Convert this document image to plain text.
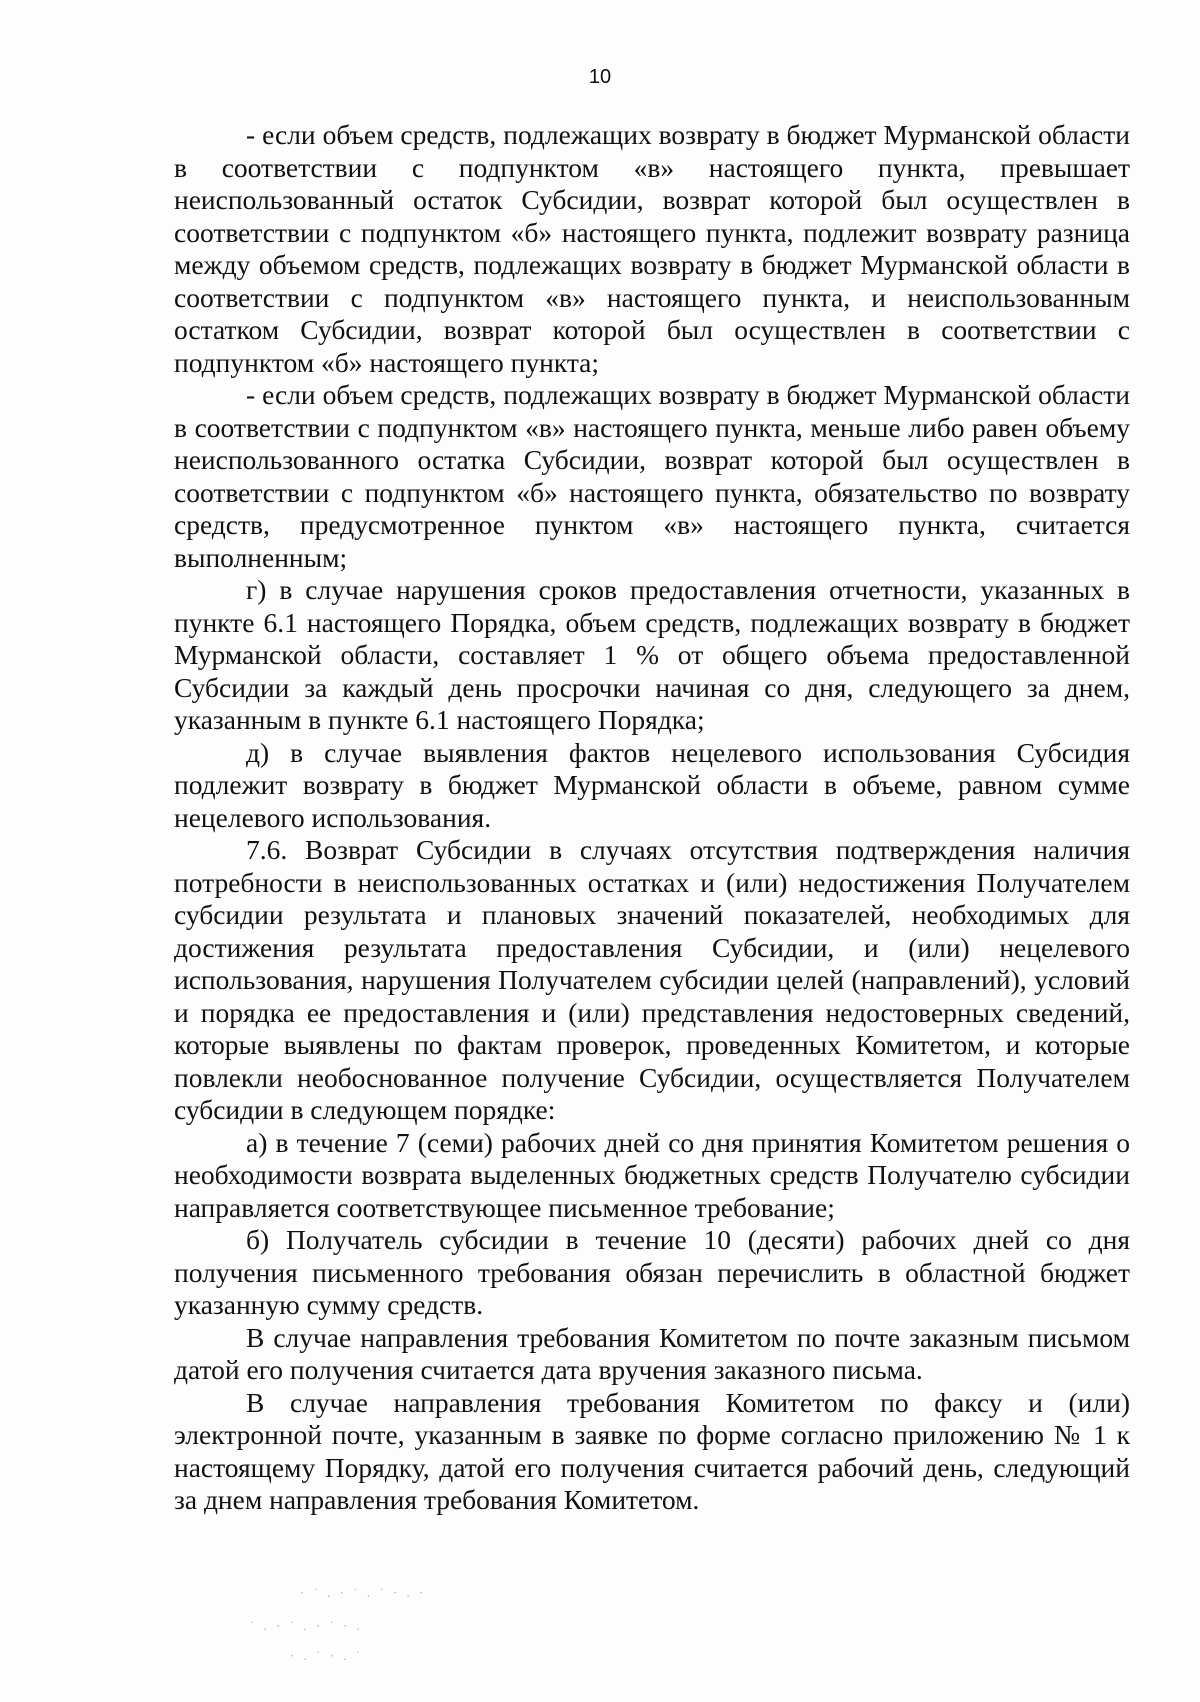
10

- если объем средств, подлежащих возврату в бюджет Мурманской области в соответствии с подпунктом «в» настоящего пункта, превышает неиспользованный остаток Субсидии, возврат которой был осуществлен в соответствии с подпунктом «б» настоящего пункта, подлежит возврату разница между объемом средств, подлежащих возврату в бюджет Мурманской области в соответствии с подпунктом «в» настоящего пункта, и неиспользованным остатком Субсидии, возврат которой был осуществлен в соответствии с подпунктом «б» настоящего пункта;

- если объем средств, подлежащих возврату в бюджет Мурманской области в соответствии с подпунктом «в» настоящего пункта, меньше либо равен объему неиспользованного остатка Субсидии, возврат которой был осуществлен в соответствии с подпунктом «б» настоящего пункта, обязательство по возврату средств, предусмотренное пунктом «в» настоящего пункта, считается выполненным;

г) в случае нарушения сроков предоставления отчетности, указанных в пункте 6.1 настоящего Порядка, объем средств, подлежащих возврату в бюджет Мурманской области, составляет 1 % от общего объема предоставленной Субсидии за каждый день просрочки начиная со дня, следующего за днем, указанным в пункте 6.1 настоящего Порядка;

д) в случае выявления фактов нецелевого использования Субсидия подлежит возврату в бюджет Мурманской области в объеме, равном сумме нецелевого использования.

7.6. Возврат Субсидии в случаях отсутствия подтверждения наличия потребности в неиспользованных остатках и (или) недостижения Получателем субсидии результата и плановых значений показателей, необходимых для достижения результата предоставления Субсидии, и (или) нецелевого использования, нарушения Получателем субсидии целей (направлений), условий и порядка ее предоставления и (или) представления недостоверных сведений, которые выявлены по фактам проверок, проведенных Комитетом, и которые повлекли необоснованное получение Субсидии, осуществляется Получателем субсидии в следующем порядке:

а) в течение 7 (семи) рабочих дней со дня принятия Комитетом решения о необходимости возврата выделенных бюджетных средств Получателю субсидии направляется соответствующее письменное требование;

б) Получатель субсидии в течение 10 (десяти) рабочих дней со дня получения письменного требования обязан перечислить в областной бюджет указанную сумму средств.

В случае направления требования Комитетом по почте заказным письмом датой его получения считается дата вручения заказного письма.

В случае направления требования Комитетом по факсу и (или) электронной почте, указанным в заявке по форме согласно приложению № 1 к настоящему Порядку, датой его получения считается рабочий день, следующий за днем направления требования Комитетом.

· ˙ . · ˙ . ˙ · . ·
˙ . · ˙ . · ˙ · .
· . ˙ · . ˙
